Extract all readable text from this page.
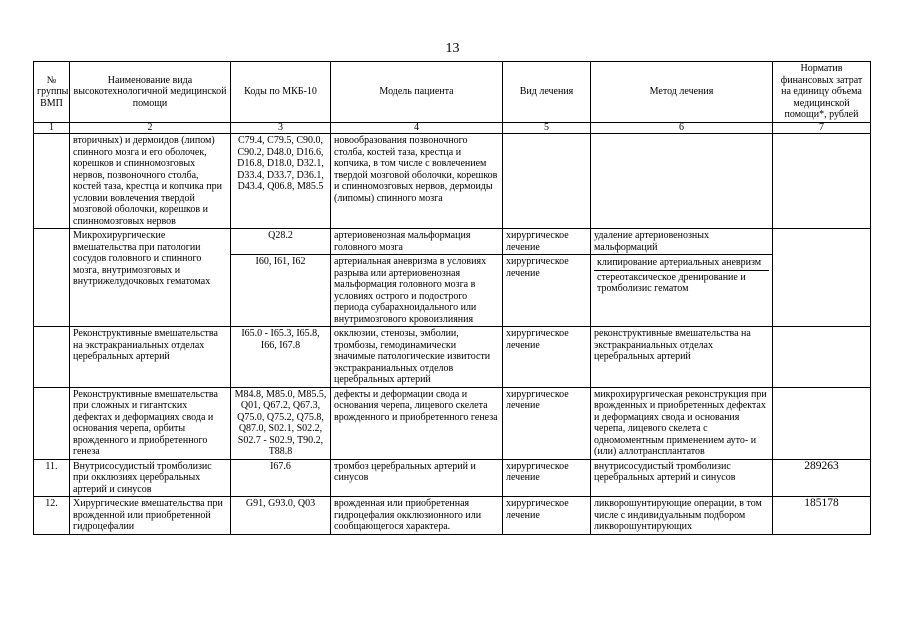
13
№ группы ВМП	Наименование вида высокотехнологичной медицинской помощи	Коды по МКБ-10	Модель пациента	Вид лечения	Метод лечения	Норматив финансовых затрат на единицу объема медицинской помощи*, рублей
1	2	3	4	5	6	7
	вторичных) и дермоидов (липом) спинного мозга и его оболочек, корешков и спинномозговых нервов, позвоночного столба, костей таза, крестца и копчика при условии вовлечения твердой мозговой оболочки, корешков и спинномозговых нервов	C79.4, C79.5, C90.0, C90.2, D48.0, D16.6, D16.8, D18.0, D32.1, D33.4, D33.7, D36.1, D43.4, Q06.8, M85.5	новообразования позвоночного столба, костей таза, крестца и копчика, в том числе с вовлечением твердой мозговой оболочки, корешков и спинномозговых нервов, дермоиды (липомы) спинного мозга			
	Микрохирургические вмешательства при патологии сосудов головного и спинного мозга, внутримозговых и внутрижелудочковых гематомах	Q28.2	артериовенозная мальформация головного мозга	хирургическое лечение	удаление артериовенозных мальформаций	
		I60, I61, I62	артериальная аневризма в условиях разрыва или артериовенозная мальформация головного мозга в условиях острого и подострого периода субарахноидального или внутримозгового кровоизлияния	хирургическое лечение	клипирование артериальных аневризм
стереотаксическое дренирование и тромболизис гематом	

	Реконструктивные вмешательства на экстракраниальных отделах церебральных артерий	I65.0 - I65.3, I65.8, I66, I67.8	окклюзии, стенозы, эмболии, тромбозы, гемодинамически значимые патологические извитости экстракраниальных отделов церебральных артерий	хирургическое лечение	реконструктивные вмешательства на экстракраниальных отделах церебральных артерий	
	Реконструктивные вмешательства при сложных и гигантских дефектах и деформациях свода и основания черепа, орбиты врожденного и приобретенного генеза	M84.8, M85.0, M85.5, Q01, Q67.2, Q67.3, Q75.0, Q75.2, Q75.8, Q87.0, S02.1, S02.2, S02.7 - S02.9, T90.2, T88.8	дефекты и деформации свода и основания черепа, лицевого скелета врожденного и приобретенного генеза	хирургическое лечение	микрохирургическая реконструкция при врожденных и приобретенных дефектах и деформациях свода и основания черепа, лицевого скелета с одномоментным применением ауто- и (или) аллотрансплантатов	
11.	Внутрисосудистый тромболизис при окклюзиях церебральных артерий и синусов	I67.6	тромбоз церебральных артерий и синусов	хирургическое лечение	внутрисосудистый тромболизис церебральных артерий и синусов	289263
12.	Хирургические вмешательства при врожденной или приобретенной гидроцефалии	G91, G93.0, Q03	врожденная или приобретенная гидроцефалия окклюзионного или сообщающегося характера.	хирургическое лечение	ликворошунтирующие операции, в том числе с индивидуальным подбором ликворошунтирующих	185178
